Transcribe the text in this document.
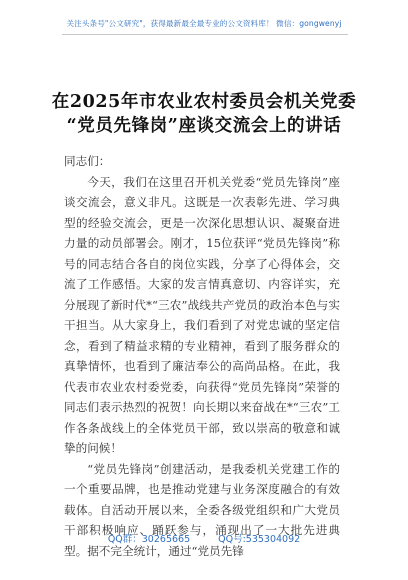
关注头条号"公文研究"，获得最新最全最专业的公文资料库！ 微信：gongwenyj
在2025年市农业农村委员会机关党委
“党员先锋岗”座谈交流会上的讲话

同志们：

今天，我们在这里召开机关党委“党员先锋岗”座谈交流会，意义非凡。这既是一次表彰先进、学习典型的经验交流会，更是一次深化思想认识、凝聚奋进力量的动员部署会。刚才，15位获评“党员先锋岗”称号的同志结合各自的岗位实践，分享了心得体会，交流了工作感悟。大家的发言情真意切、内容详实，充分展现了新时代*“三农”战线共产党员的政治本色与实干担当。从大家身上，我们看到了对党忠诚的坚定信念，看到了精益求精的专业精神，看到了服务群众的真挚情怀，也看到了廉洁奉公的高尚品格。在此，我代表市农业农村委党委，向获得“党员先锋岗”荣誉的同志们表示热烈的祝贺！向长期以来奋战在*“三农”工作各条战线上的全体党员干部，致以崇高的敬意和诚挚的问候！

“党员先锋岗”创建活动，是我委机关党建工作的一个重要品牌，也是推动党建与业务深度融合的有效载体。自活动开展以来，全委各级党组织和广大党员干部积极响应、踊跃参与，涌现出了一大批先进典型。据不完全统计，通过“党员先锋

QQ群：30265665	QQ号:535304092
